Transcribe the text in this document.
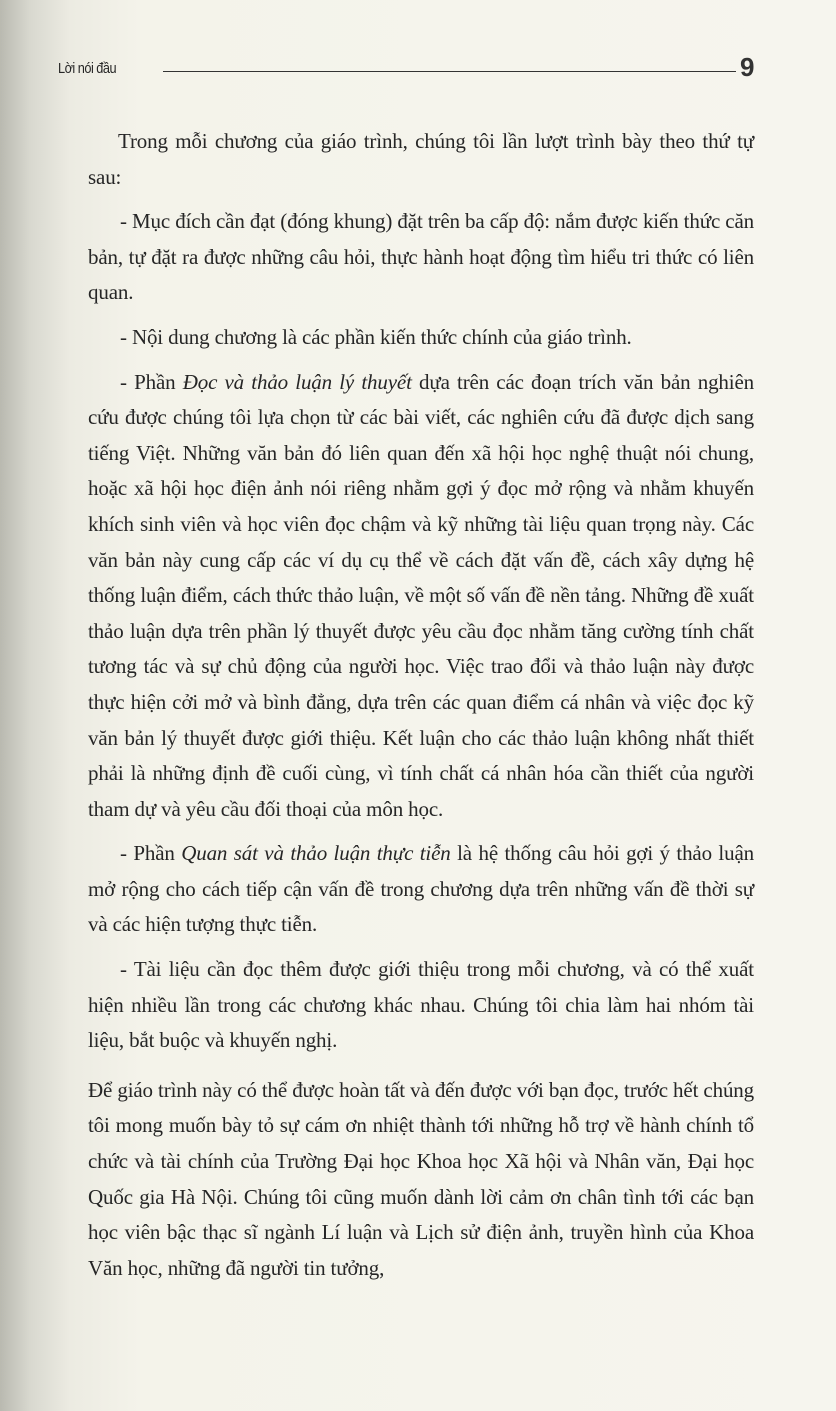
Lời nói đầu	9

Trong mỗi chương của giáo trình, chúng tôi lần lượt trình bày theo thứ tự sau:

- Mục đích cần đạt (đóng khung) đặt trên ba cấp độ: nắm được kiến thức căn bản, tự đặt ra được những câu hỏi, thực hành hoạt động tìm hiểu tri thức có liên quan.

- Nội dung chương là các phần kiến thức chính của giáo trình.

- Phần Đọc và thảo luận lý thuyết dựa trên các đoạn trích văn bản nghiên cứu được chúng tôi lựa chọn từ các bài viết, các nghiên cứu đã được dịch sang tiếng Việt. Những văn bản đó liên quan đến xã hội học nghệ thuật nói chung, hoặc xã hội học điện ảnh nói riêng nhằm gợi ý đọc mở rộng và nhằm khuyến khích sinh viên và học viên đọc chậm và kỹ những tài liệu quan trọng này. Các văn bản này cung cấp các ví dụ cụ thể về cách đặt vấn đề, cách xây dựng hệ thống luận điểm, cách thức thảo luận, về một số vấn đề nền tảng. Những đề xuất thảo luận dựa trên phần lý thuyết được yêu cầu đọc nhằm tăng cường tính chất tương tác và sự chủ động của người học. Việc trao đổi và thảo luận này được thực hiện cởi mở và bình đẳng, dựa trên các quan điểm cá nhân và việc đọc kỹ văn bản lý thuyết được giới thiệu. Kết luận cho các thảo luận không nhất thiết phải là những định đề cuối cùng, vì tính chất cá nhân hóa cần thiết của người tham dự và yêu cầu đối thoại của môn học.

- Phần Quan sát và thảo luận thực tiễn là hệ thống câu hỏi gợi ý thảo luận mở rộng cho cách tiếp cận vấn đề trong chương dựa trên những vấn đề thời sự và các hiện tượng thực tiễn.

- Tài liệu cần đọc thêm được giới thiệu trong mỗi chương, và có thể xuất hiện nhiều lần trong các chương khác nhau. Chúng tôi chia làm hai nhóm tài liệu, bắt buộc và khuyến nghị.

Để giáo trình này có thể được hoàn tất và đến được với bạn đọc, trước hết chúng tôi mong muốn bày tỏ sự cám ơn nhiệt thành tới những hỗ trợ về hành chính tổ chức và tài chính của Trường Đại học Khoa học Xã hội và Nhân văn, Đại học Quốc gia Hà Nội. Chúng tôi cũng muốn dành lời cảm ơn chân tình tới các bạn học viên bậc thạc sĩ ngành Lí luận và Lịch sử điện ảnh, truyền hình của Khoa Văn học, những đã người tin tưởng,
